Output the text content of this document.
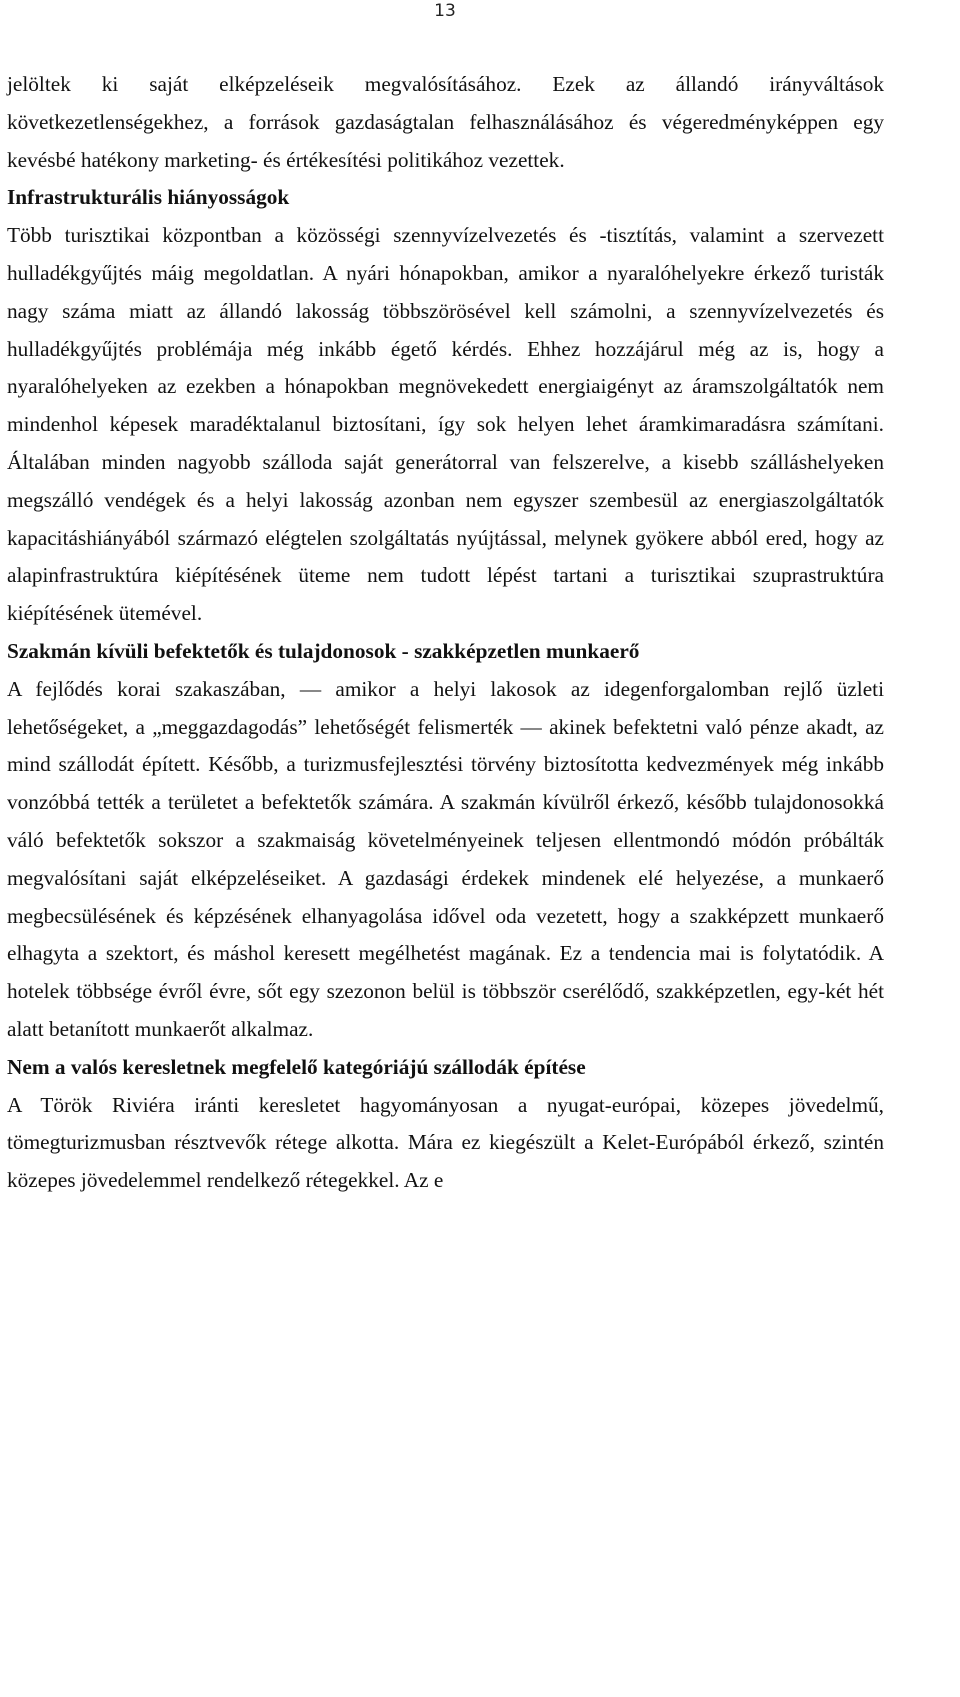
13

jelöltek ki saját elképzeléseik megvalósításához. Ezek az állandó irányváltások következetlenségekhez, a források gazdaságtalan felhasználásához és végeredményképpen egy kevésbé hatékony marketing- és értékesítési politikához vezettek.

Infrastrukturális hiányosságok

Több turisztikai központban a közösségi szennyvízelvezetés és -tisztítás, valamint a szervezett hulladékgyűjtés máig megoldatlan. A nyári hónapokban, amikor a nyaralóhelyekre érkező turisták nagy száma miatt az állandó lakosság többszörösével kell számolni, a szennyvízelvezetés és hulladékgyűjtés problémája még inkább égető kérdés. Ehhez hozzájárul még az is, hogy a nyaralóhelyeken az ezekben a hónapokban megnövekedett energiaigényt az áramszolgáltatók nem mindenhol képesek maradéktalanul biztosítani, így sok helyen lehet áramkimaradásra számítani. Általában minden nagyobb szálloda saját generátorral van felszerelve, a kisebb szálláshelyeken megszálló vendégek és a helyi lakosság azonban nem egyszer szembesül az energiaszolgáltatók kapacitáshiányából származó elégtelen szolgáltatás nyújtással, melynek gyökere abból ered, hogy az alapinfrastruktúra kiépítésének üteme nem tudott lépést tartani a turisztikai szuprastruktúra kiépítésének ütemével.

Szakmán kívüli befektetők és tulajdonosok - szakképzetlen munkaerő

A fejlődés korai szakaszában, ― amikor a helyi lakosok az idegenforgalomban rejlő üzleti lehetőségeket, a „meggazdagodás” lehetőségét felismerték ― akinek befektetni való pénze akadt, az mind szállodát épített. Később, a turizmusfejlesztési törvény biztosította kedvezmények még inkább vonzóbbá tették a területet a befektetők számára. A szakmán kívülről érkező, később tulajdonosokká váló befektetők sokszor a szakmaiság követelményeinek teljesen ellentmondó módón próbálták megvalósítani saját elképzeléseiket. A gazdasági érdekek mindenek elé helyezése, a munkaerő megbecsülésének és képzésének elhanyagolása idővel oda vezetett, hogy a szakképzett munkaerő elhagyta a szektort, és máshol keresett megélhetést magának. Ez a tendencia mai is folytatódik. A hotelek többsége évről évre, sőt egy szezonon belül is többször cserélődő, szakképzetlen, egy-két hét alatt betanított munkaerőt alkalmaz.

Nem a valós keresletnek megfelelő kategóriájú szállodák építése

A Török Riviéra iránti keresletet hagyományosan a nyugat-európai, közepes jövedelmű, tömegturizmusban résztvevők rétege alkotta. Mára ez kiegészült a Kelet-Európából érkező, szintén közepes jövedelemmel rendelkező rétegekkel. Az e
